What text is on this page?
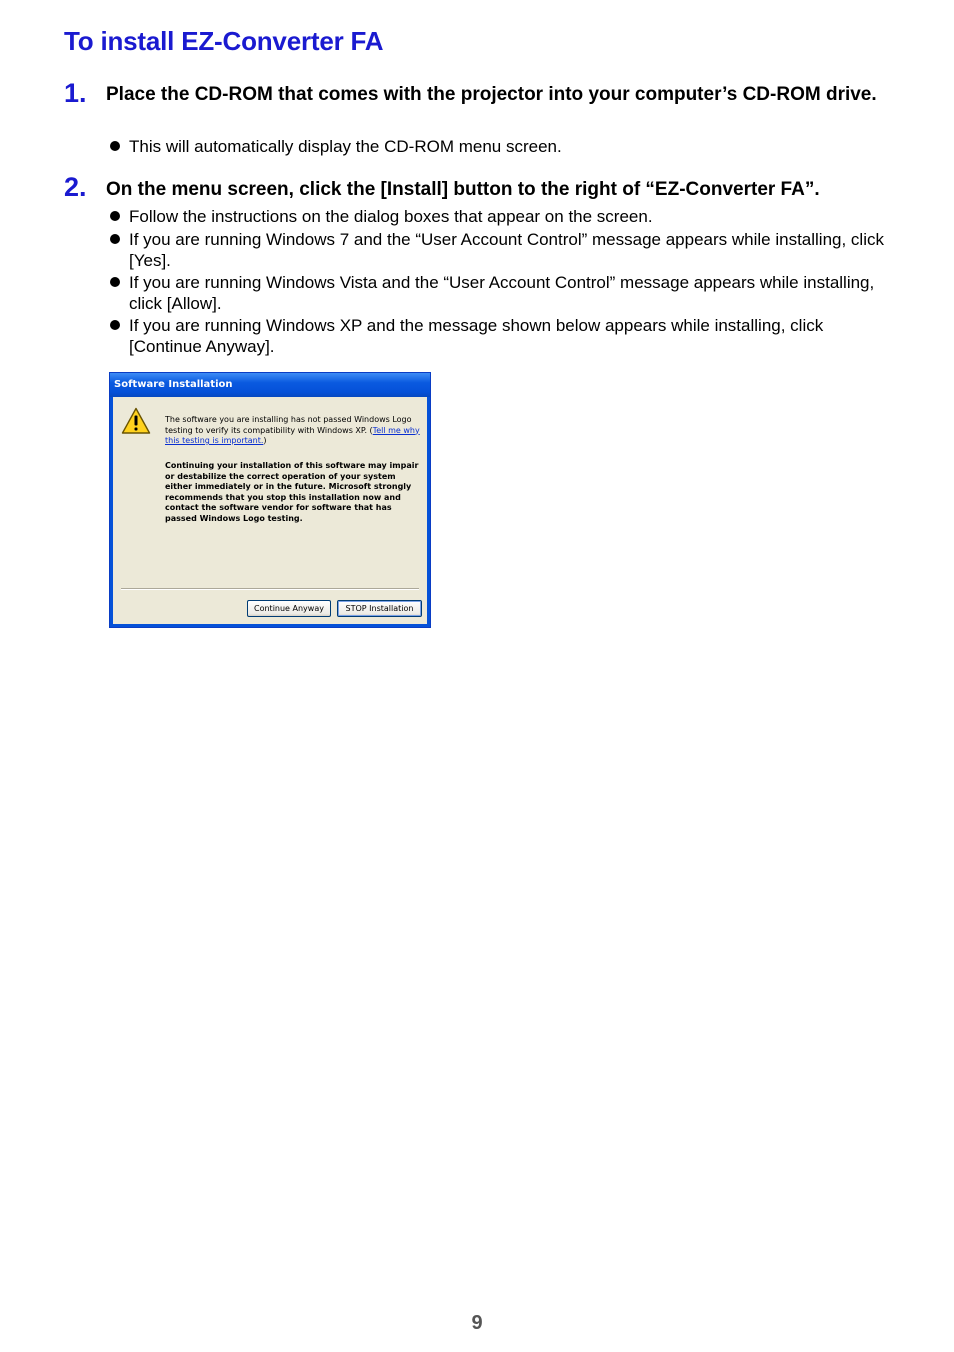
To install EZ-Converter FA
1. Place the CD-ROM that comes with the projector into your computer’s CD-ROM drive.
This will automatically display the CD-ROM menu screen.
2. On the menu screen, click the [Install] button to the right of “EZ-Converter FA”.
Follow the instructions on the dialog boxes that appear on the screen.
If you are running Windows 7 and the “User Account Control” message appears while installing, click [Yes].
If you are running Windows Vista and the “User Account Control” message appears while installing, click [Allow].
If you are running Windows XP and the message shown below appears while installing, click [Continue Anyway].
Software Installation
The software you are installing has not passed Windows Logo testing to verify its compatibility with Windows XP. (Tell me why this testing is important.)
Continuing your installation of this software may impair or destabilize the correct operation of your system either immediately or in the future. Microsoft strongly recommends that you stop this installation now and contact the software vendor for software that has passed Windows Logo testing.
Continue Anyway	STOP Installation
9
